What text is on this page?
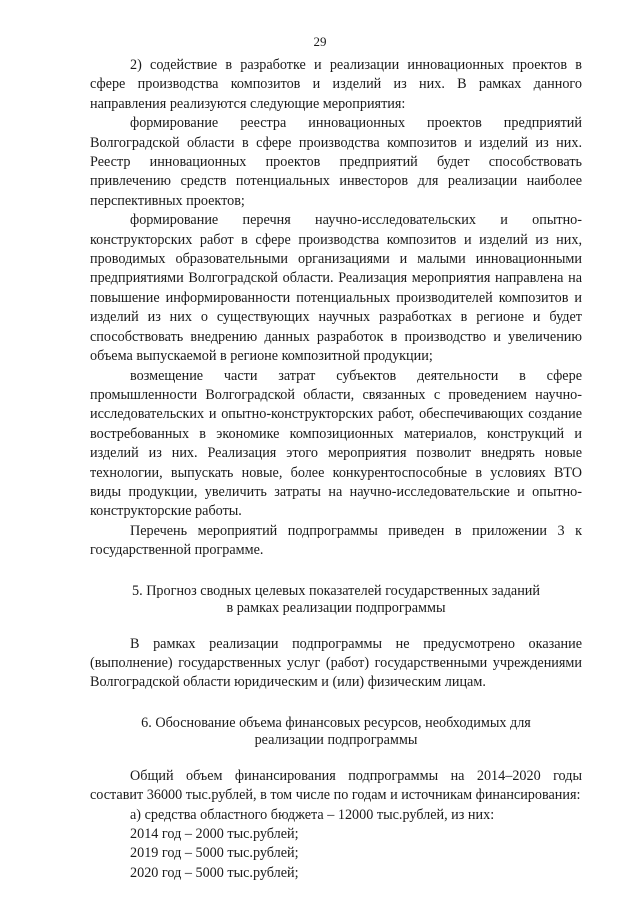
29

2) содействие в разработке и реализации инновационных проектов в сфере производства композитов и изделий из них. В рамках данного направления реализуются следующие мероприятия:

формирование реестра инновационных проектов предприятий Волгоградской области в сфере производства композитов и изделий из них. Реестр инновационных проектов предприятий будет способствовать привлечению средств потенциальных инвесторов для реализации наиболее перспективных проектов;

формирование перечня научно-исследовательских и опытно-конструкторских работ в сфере производства композитов и изделий из них, проводимых образовательными организациями и малыми инновационными предприятиями Волгоградской области. Реализация мероприятия направлена на повышение информированности потенциальных производителей композитов и изделий из них о существующих научных разработках в регионе и будет способствовать внедрению данных разработок в производство и увеличению объема выпускаемой в регионе композитной продукции;

возмещение части затрат субъектов деятельности в сфере промышленности Волгоградской области, связанных с проведением научно-исследовательских и опытно-конструкторских работ, обеспечивающих создание востребованных в экономике композиционных материалов, конструкций и изделий из них. Реализация этого мероприятия позволит внедрять новые технологии, выпускать новые, более конкурентоспособные в условиях ВТО виды продукции, увеличить затраты на научно-исследовательские и опытно-конструкторские работы.

Перечень мероприятий подпрограммы приведен в приложении 3 к государственной программе.

5. Прогноз сводных целевых показателей государственных заданий
в рамках реализации подпрограммы

В рамках реализации подпрограммы не предусмотрено оказание (выполнение) государственных услуг (работ) государственными учреждениями Волгоградской области юридическим и (или) физическим лицам.

6. Обоснование объема финансовых ресурсов, необходимых для
реализации подпрограммы

Общий объем финансирования подпрограммы на 2014–2020 годы составит 36000 тыс.рублей, в том числе по годам и источникам финансирования:

а) средства областного бюджета – 12000 тыс.рублей, из них:

2014 год – 2000 тыс.рублей;

2019 год – 5000 тыс.рублей;

2020 год – 5000 тыс.рублей;
